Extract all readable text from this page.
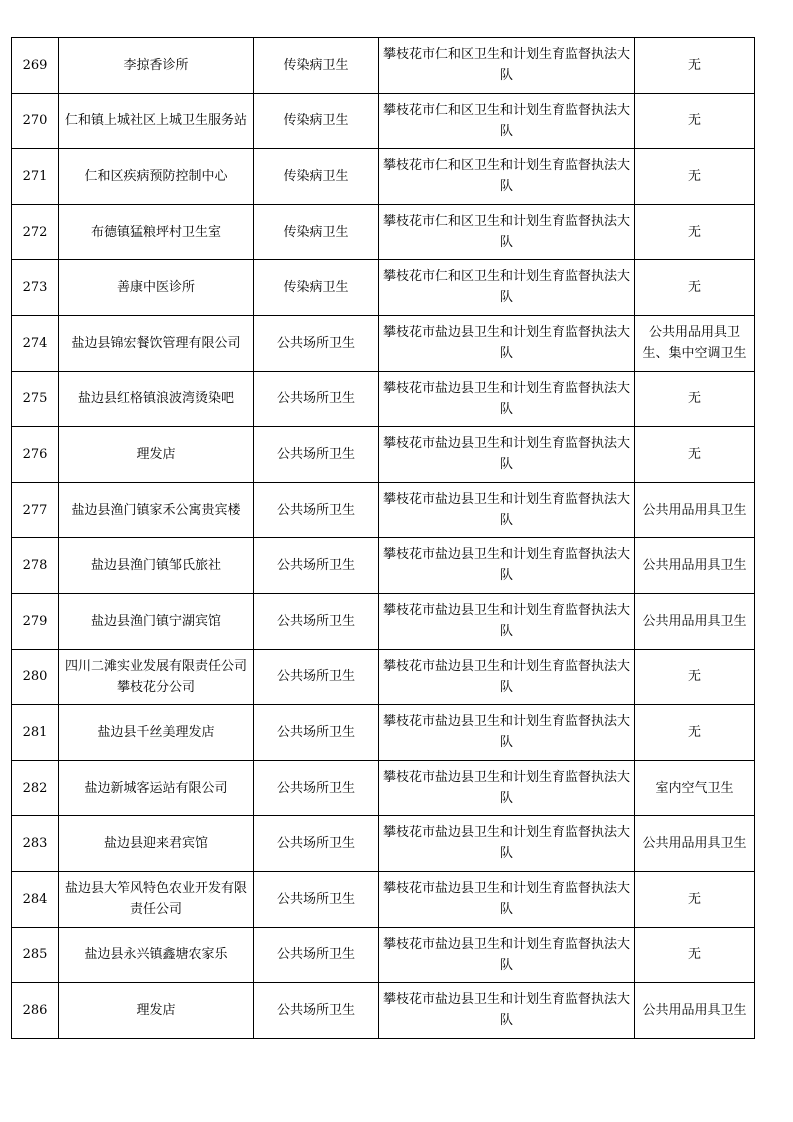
269	李掠香诊所	传染病卫生	攀枝花市仁和区卫生和计划生育监督执法大队	无
270	仁和镇上城社区上城卫生服务站	传染病卫生	攀枝花市仁和区卫生和计划生育监督执法大队	无
271	仁和区疾病预防控制中心	传染病卫生	攀枝花市仁和区卫生和计划生育监督执法大队	无
272	布德镇猛粮坪村卫生室	传染病卫生	攀枝花市仁和区卫生和计划生育监督执法大队	无
273	善康中医诊所	传染病卫生	攀枝花市仁和区卫生和计划生育监督执法大队	无
274	盐边县锦宏餐饮管理有限公司	公共场所卫生	攀枝花市盐边县卫生和计划生育监督执法大队	公共用品用具卫生、集中空调卫生
275	盐边县红格镇浪波湾烫染吧	公共场所卫生	攀枝花市盐边县卫生和计划生育监督执法大队	无
276	理发店	公共场所卫生	攀枝花市盐边县卫生和计划生育监督执法大队	无
277	盐边县渔门镇家禾公寓贵宾楼	公共场所卫生	攀枝花市盐边县卫生和计划生育监督执法大队	公共用品用具卫生
278	盐边县渔门镇邹氏旅社	公共场所卫生	攀枝花市盐边县卫生和计划生育监督执法大队	公共用品用具卫生
279	盐边县渔门镇宁湖宾馆	公共场所卫生	攀枝花市盐边县卫生和计划生育监督执法大队	公共用品用具卫生
280	四川二滩实业发展有限责任公司攀枝花分公司	公共场所卫生	攀枝花市盐边县卫生和计划生育监督执法大队	无
281	盐边县千丝美理发店	公共场所卫生	攀枝花市盐边县卫生和计划生育监督执法大队	无
282	盐边新城客运站有限公司	公共场所卫生	攀枝花市盐边县卫生和计划生育监督执法大队	室内空气卫生
283	盐边县迎来君宾馆	公共场所卫生	攀枝花市盐边县卫生和计划生育监督执法大队	公共用品用具卫生
284	盐边县大笮风特色农业开发有限责任公司	公共场所卫生	攀枝花市盐边县卫生和计划生育监督执法大队	无
285	盐边县永兴镇鑫塘农家乐	公共场所卫生	攀枝花市盐边县卫生和计划生育监督执法大队	无
286	理发店	公共场所卫生	攀枝花市盐边县卫生和计划生育监督执法大队	公共用品用具卫生
